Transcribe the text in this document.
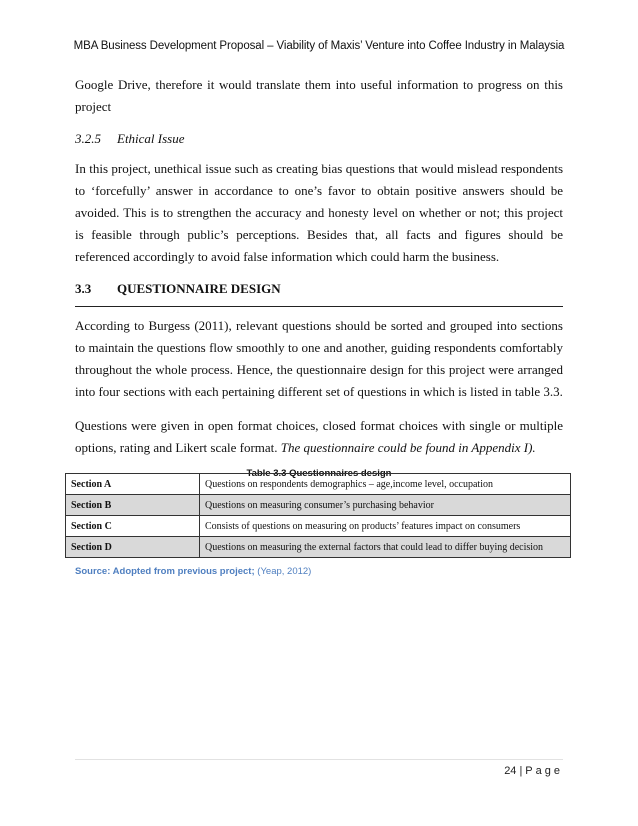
MBA Business Development Proposal – Viability of Maxis’ Venture into Coffee Industry in Malaysia

Google Drive, therefore it would translate them into useful information to progress on this project

3.2.5 Ethical Issue

In this project, unethical issue such as creating bias questions that would mislead respondents to ‘forcefully’ answer in accordance to one’s favor to obtain positive answers should be avoided. This is to strengthen the accuracy and honesty level on whether or not; this project is feasible through public’s perceptions. Besides that, all facts and figures should be referenced accordingly to avoid false information which could harm the business.

3.3 QUESTIONNAIRE DESIGN

According to Burgess (2011), relevant questions should be sorted and grouped into sections to maintain the questions flow smoothly to one and another, guiding respondents comfortably throughout the whole process. Hence, the questionnaire design for this project were arranged into four sections with each pertaining different set of questions in which is listed in table 3.3.

Questions were given in open format choices, closed format choices with single or multiple options, rating and Likert scale format. The questionnaire could be found in Appendix I).

Table 3.3 Questionnaires design
Section A	Questions on respondents demographics – age,income level, occupation
Section B	Questions on measuring consumer’s purchasing behavior
Section C	Consists of questions on measuring on products’ features impact on consumers
Section D	Questions on measuring the external factors that could lead to differ buying decision
Source: Adopted from previous project; (Yeap, 2012)
24 | Page
